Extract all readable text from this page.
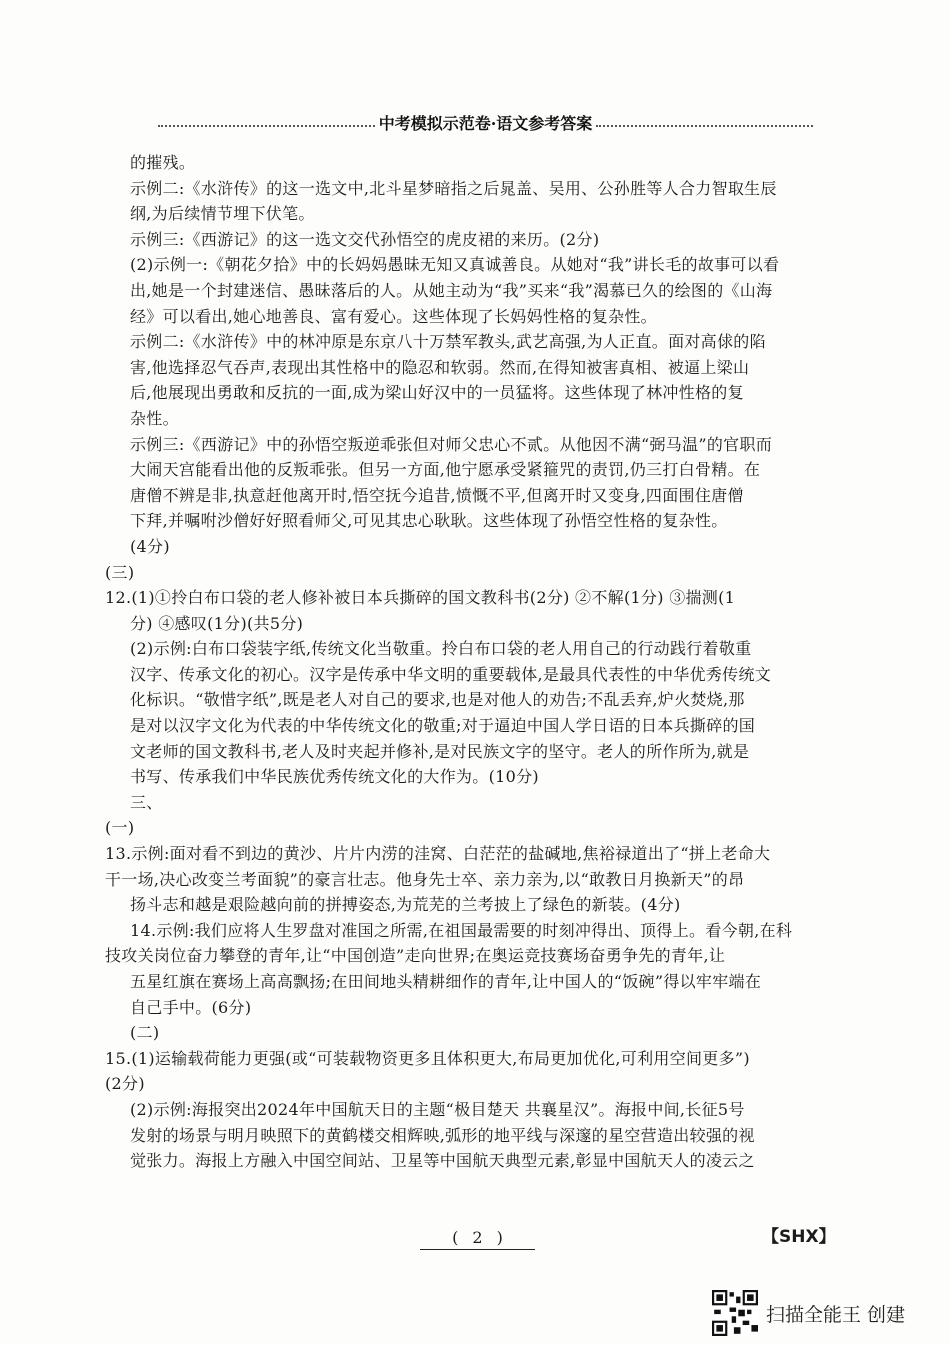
中考模拟示范卷·语文参考答案

的摧残。

示例二:《水浒传》的这一选文中,北斗星梦暗指之后晁盖、吴用、公孙胜等人合力智取生辰

纲,为后续情节埋下伏笔。

示例三:《西游记》的这一选文交代孙悟空的虎皮裙的来历。(2分)

(2)示例一:《朝花夕拾》中的长妈妈愚昧无知又真诚善良。从她对“我”讲长毛的故事可以看

出,她是一个封建迷信、愚昧落后的人。从她主动为“我”买来“我”渴慕已久的绘图的《山海

经》可以看出,她心地善良、富有爱心。这些体现了长妈妈性格的复杂性。

示例二:《水浒传》中的林冲原是东京八十万禁军教头,武艺高强,为人正直。面对高俅的陷

害,他选择忍气吞声,表现出其性格中的隐忍和软弱。然而,在得知被害真相、被逼上梁山

后,他展现出勇敢和反抗的一面,成为梁山好汉中的一员猛将。这些体现了林冲性格的复

杂性。

示例三:《西游记》中的孙悟空叛逆乖张但对师父忠心不贰。从他因不满“弼马温”的官职而

大闹天宫能看出他的反叛乖张。但另一方面,他宁愿承受紧箍咒的责罚,仍三打白骨精。在

唐僧不辨是非,执意赶他离开时,悟空抚今追昔,愤慨不平,但离开时又变身,四面围住唐僧

下拜,并嘱咐沙僧好好照看师父,可见其忠心耿耿。这些体现了孙悟空性格的复杂性。

(4分)

(三)

12.(1)①拎白布口袋的老人修补被日本兵撕碎的国文教科书(2分) ②不解(1分) ③揣测(1

分) ④感叹(1分)(共5分)

(2)示例:白布口袋装字纸,传统文化当敬重。拎白布口袋的老人用自己的行动践行着敬重

汉字、传承文化的初心。汉字是传承中华文明的重要载体,是最具代表性的中华优秀传统文

化标识。“敬惜字纸”,既是老人对自己的要求,也是对他人的劝告;不乱丢弃,炉火焚烧,那

是对以汉字文化为代表的中华传统文化的敬重;对于逼迫中国人学日语的日本兵撕碎的国

文老师的国文教科书,老人及时夹起并修补,是对民族文字的坚守。老人的所作所为,就是

书写、传承我们中华民族优秀传统文化的大作为。(10分)

三、

(一)

13.示例:面对看不到边的黄沙、片片内涝的洼窝、白茫茫的盐碱地,焦裕禄道出了“拼上老命大

干一场,决心改变兰考面貌”的豪言壮志。他身先士卒、亲力亲为,以“敢教日月换新天”的昂

扬斗志和越是艰险越向前的拼搏姿态,为荒芜的兰考披上了绿色的新装。(4分)

14.示例:我们应将人生罗盘对准国之所需,在祖国最需要的时刻冲得出、顶得上。看今朝,在科

技攻关岗位奋力攀登的青年,让“中国创造”走向世界;在奥运竞技赛场奋勇争先的青年,让

五星红旗在赛场上高高飘扬;在田间地头精耕细作的青年,让中国人的“饭碗”得以牢牢端在

自己手中。(6分)

(二)

15.(1)运输载荷能力更强(或“可装载物资更多且体积更大,布局更加优化,可利用空间更多”)

(2分)

(2)示例:海报突出2024年中国航天日的主题“极目楚天 共襄星汉”。海报中间,长征5号

发射的场景与明月映照下的黄鹤楼交相辉映,弧形的地平线与深邃的星空营造出较强的视

觉张力。海报上方融入中国空间站、卫星等中国航天典型元素,彰显中国航天人的凌云之

( 2 )	【SHX】
扫描全能王 创建
